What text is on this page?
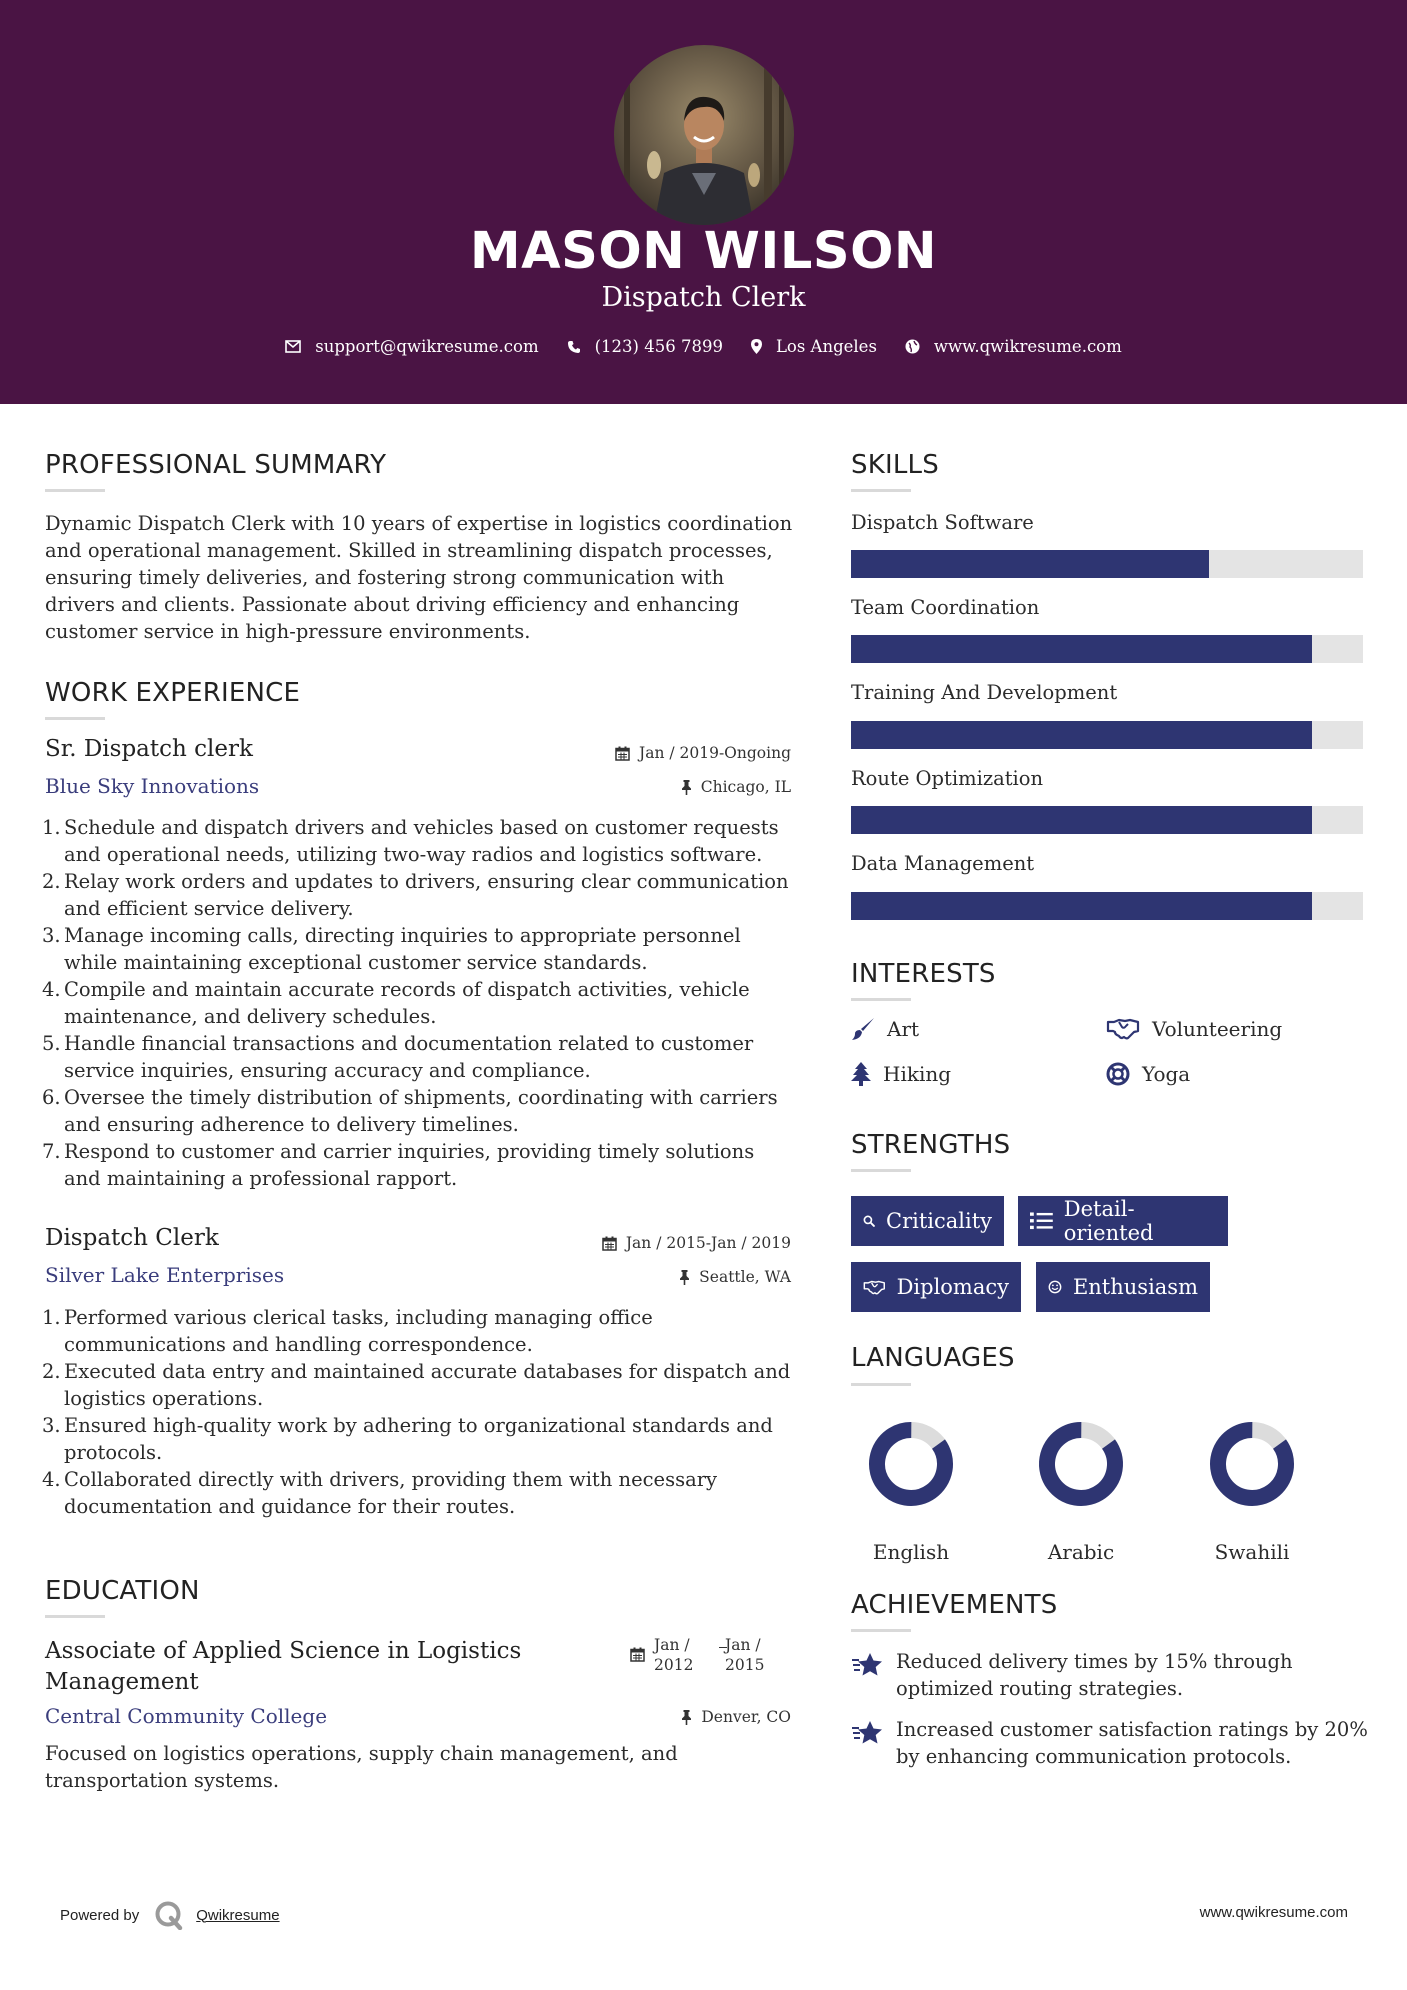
MASON WILSON
Dispatch Clerk
support@qwikresume.com	(123) 456 7899	Los Angeles	www.qwikresume.com
PROFESSIONAL SUMMARY

Dynamic Dispatch Clerk with 10 years of expertise in logistics coordination and operational management. Skilled in streamlining dispatch processes, ensuring timely deliveries, and fostering strong communication with drivers and clients. Passionate about driving efficiency and enhancing customer service in high-pressure environments.

WORK EXPERIENCE
Sr. Dispatch clerk
Blue Sky Innovations
Jan / 2019-Ongoing
Chicago, IL
1. Schedule and dispatch drivers and vehicles based on customer requests and operational needs, utilizing two-way radios and logistics software.
2. Relay work orders and updates to drivers, ensuring clear communication and efficient service delivery.
3. Manage incoming calls, directing inquiries to appropriate personnel while maintaining exceptional customer service standards.
4. Compile and maintain accurate records of dispatch activities, vehicle maintenance, and delivery schedules.
5. Handle financial transactions and documentation related to customer service inquiries, ensuring accuracy and compliance.
6. Oversee the timely distribution of shipments, coordinating with carriers and ensuring adherence to delivery timelines.
7. Respond to customer and carrier inquiries, providing timely solutions and maintaining a professional rapport.
Dispatch Clerk
Silver Lake Enterprises
Jan / 2015-Jan / 2019
Seattle, WA
1. Performed various clerical tasks, including managing office communications and handling correspondence.
2. Executed data entry and maintained accurate databases for dispatch and logistics operations.
3. Ensured high-quality work by adhering to organizational standards and protocols.
4. Collaborated directly with drivers, providing them with necessary documentation and guidance for their routes.
EDUCATION
Associate of Applied Science in Logistics Management
Central Community College
Jan /
2012
Jan /
2015
Denver, CO

Focused on logistics operations, supply chain management, and transportation systems.

SKILLS
Dispatch Software
Team Coordination
Training And Development
Route Optimization
Data Management
INTERESTS
Art	Volunteering
Hiking	Yoga
STRENGTHS
Criticality	Detail-oriented
Diplomacy	Enthusiasm
LANGUAGES
English	Arabic	Swahili
ACHIEVEMENTS
Reduced delivery times by 15% through optimized routing strategies.
Increased customer satisfaction ratings by 20% by enhancing communication protocols.
Powered by	Qwikresume	www.qwikresume.com
